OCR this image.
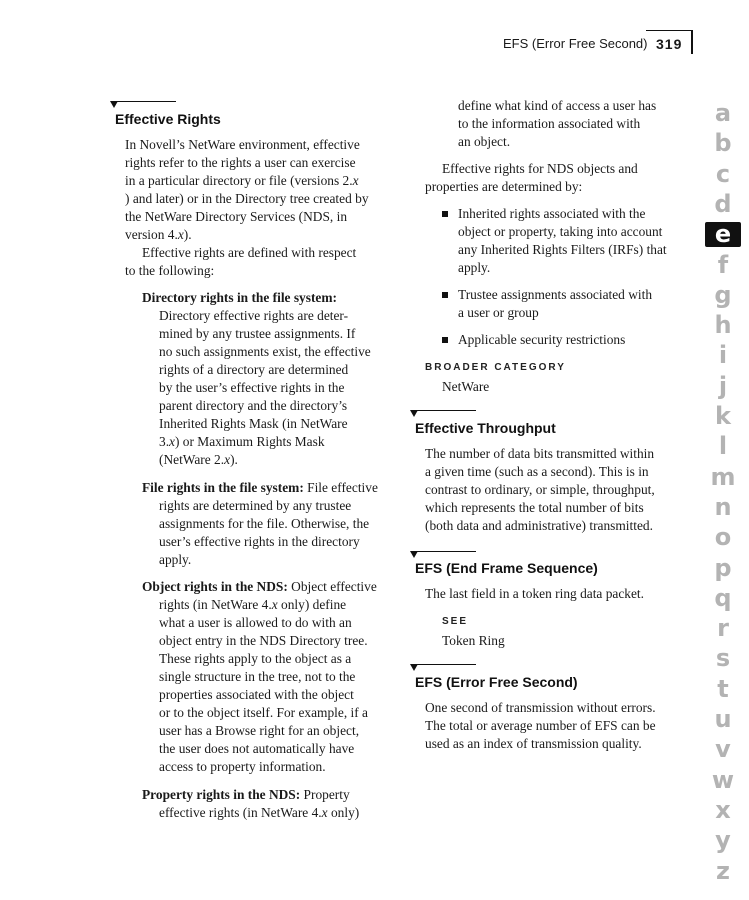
EFS (Error Free Second) 319
Effective Rights
In Novell’s NetWare environment, effective
rights refer to the rights a user can exercise
in a particular directory or file (versions 2.x
) and later) or in the Directory tree created by
the NetWare Directory Services (NDS, in
version 4.x).
Directory rights in the file system:
Directory effective rights are deter-
mined by any trustee assignments. If
no such assignments exist, the effective
rights of a directory are determined
by the user’s effective rights in the
parent directory and the directory’s
Inherited Rights Mask (in NetWare
3.x) or Maximum Rights Mask
(NetWare 2.x).
File rights in the file system: File effective
rights are determined by any trustee
assignments for the file. Otherwise, the
user’s effective rights in the directory
apply.
Object rights in the NDS: Object effective
rights (in NetWare 4.x only) define
what a user is allowed to do with an
object entry in the NDS Directory tree.
These rights apply to the object as a
single structure in the tree, not to the
properties associated with the object
or to the object itself. For example, if a
user has a Browse right for an object,
the user does not automatically have
access to property information.
Property rights in the NDS: Property
effective rights (in NetWare 4.x only)
Effective rights are defined with respect
to the following:
define what kind of access a user has
to the information associated with
an object.
Effective rights for NDS objects and
properties are determined by:
Inherited rights associated with the
object or property, taking into account
any Inherited Rights Filters (IRFs) that
apply.
Trustee assignments associated with
a user or group
Applicable security restrictions
BROADER CATEGORY
NetWare
Effective Throughput
The number of data bits transmitted within
a given time (such as a second). This is in
contrast to ordinary, or simple, throughput,
which represents the total number of bits
(both data and administrative) transmitted.
EFS (End Frame Sequence)
The last field in a token ring data packet.
SEE
Token Ring
EFS (Error Free Second)
One second of transmission without errors.
The total or average number of EFS can be
used as an index of transmission quality.
a
b
c
d
e
f
g
h
i
j
k
l
m
n
o
p
q
r
s
t
u
v
w
x
y
z
